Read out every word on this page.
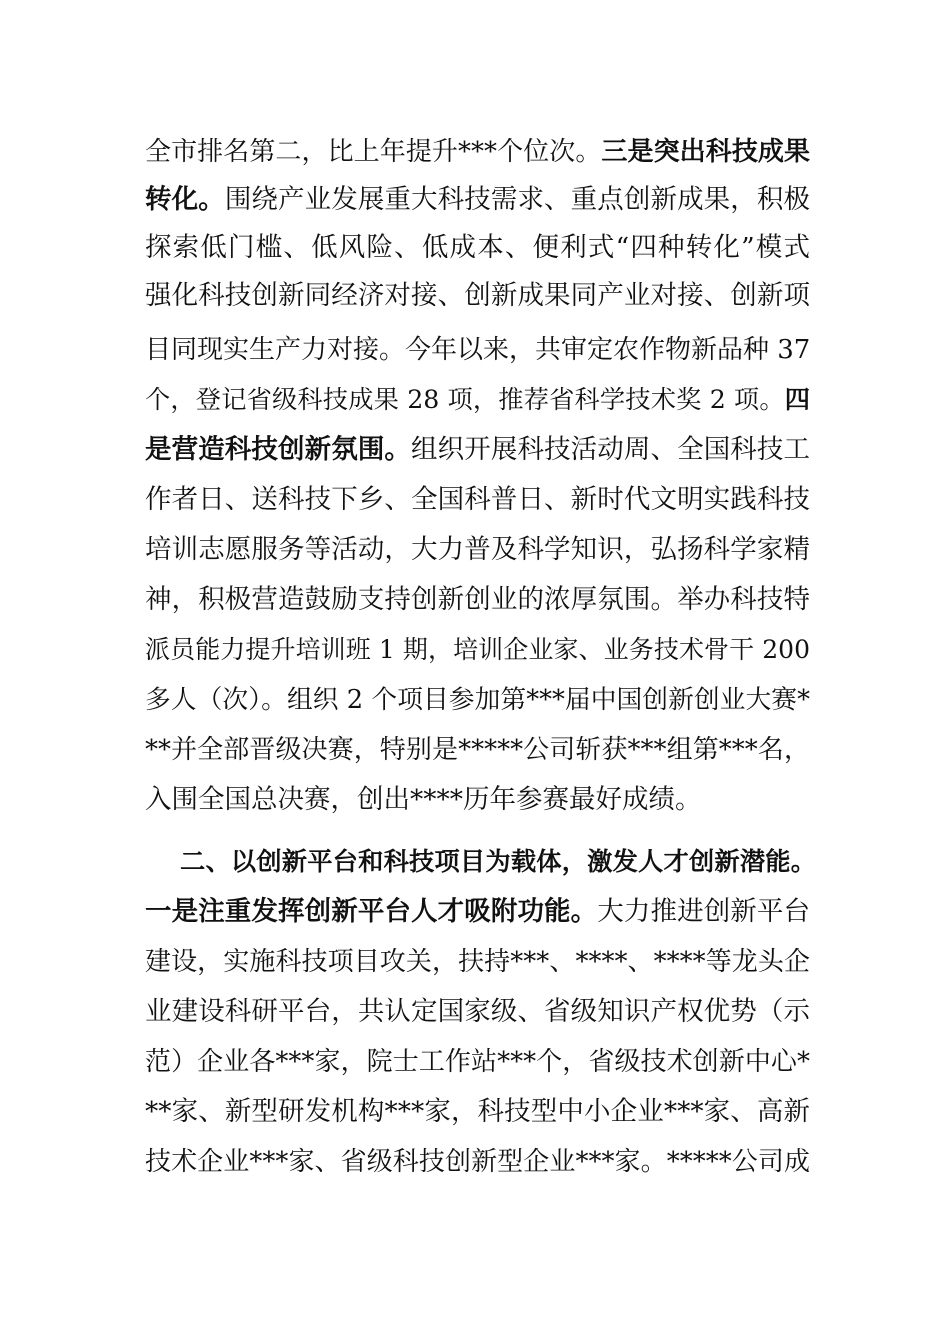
全市排名第二，比上年提升***个位次。三是突出科技成果
转化。围绕产业发展重大科技需求、重点创新成果，积极
探索低门槛、低风险、低成本、便利式“四种转化”模式
强化科技创新同经济对接、创新成果同产业对接、创新项
目同现实生产力对接。今年以来，共审定农作物新品种 37
个，登记省级科技成果 28 项，推荐省科学技术奖 2 项。四
是营造科技创新氛围。组织开展科技活动周、全国科技工
作者日、送科技下乡、全国科普日、新时代文明实践科技
培训志愿服务等活动，大力普及科学知识，弘扬科学家精
神，积极营造鼓励支持创新创业的浓厚氛围。举办科技特
派员能力提升培训班 1 期，培训企业家、业务技术骨干 200
多人（次）。组织 2 个项目参加第***届中国创新创业大赛*
**并全部晋级决赛，特别是*****公司斩获***组第***名，
入围全国总决赛，创出****历年参赛最好成绩。
二、以创新平台和科技项目为载体，激发人才创新潜能。
一是注重发挥创新平台人才吸附功能。大力推进创新平台
建设，实施科技项目攻关，扶持***、****、****等龙头企
业建设科研平台，共认定国家级、省级知识产权优势（示
范）企业各***家，院士工作站***个，省级技术创新中心*
**家、新型研发机构***家，科技型中小企业***家、高新
技术企业***家、省级科技创新型企业***家。*****公司成
